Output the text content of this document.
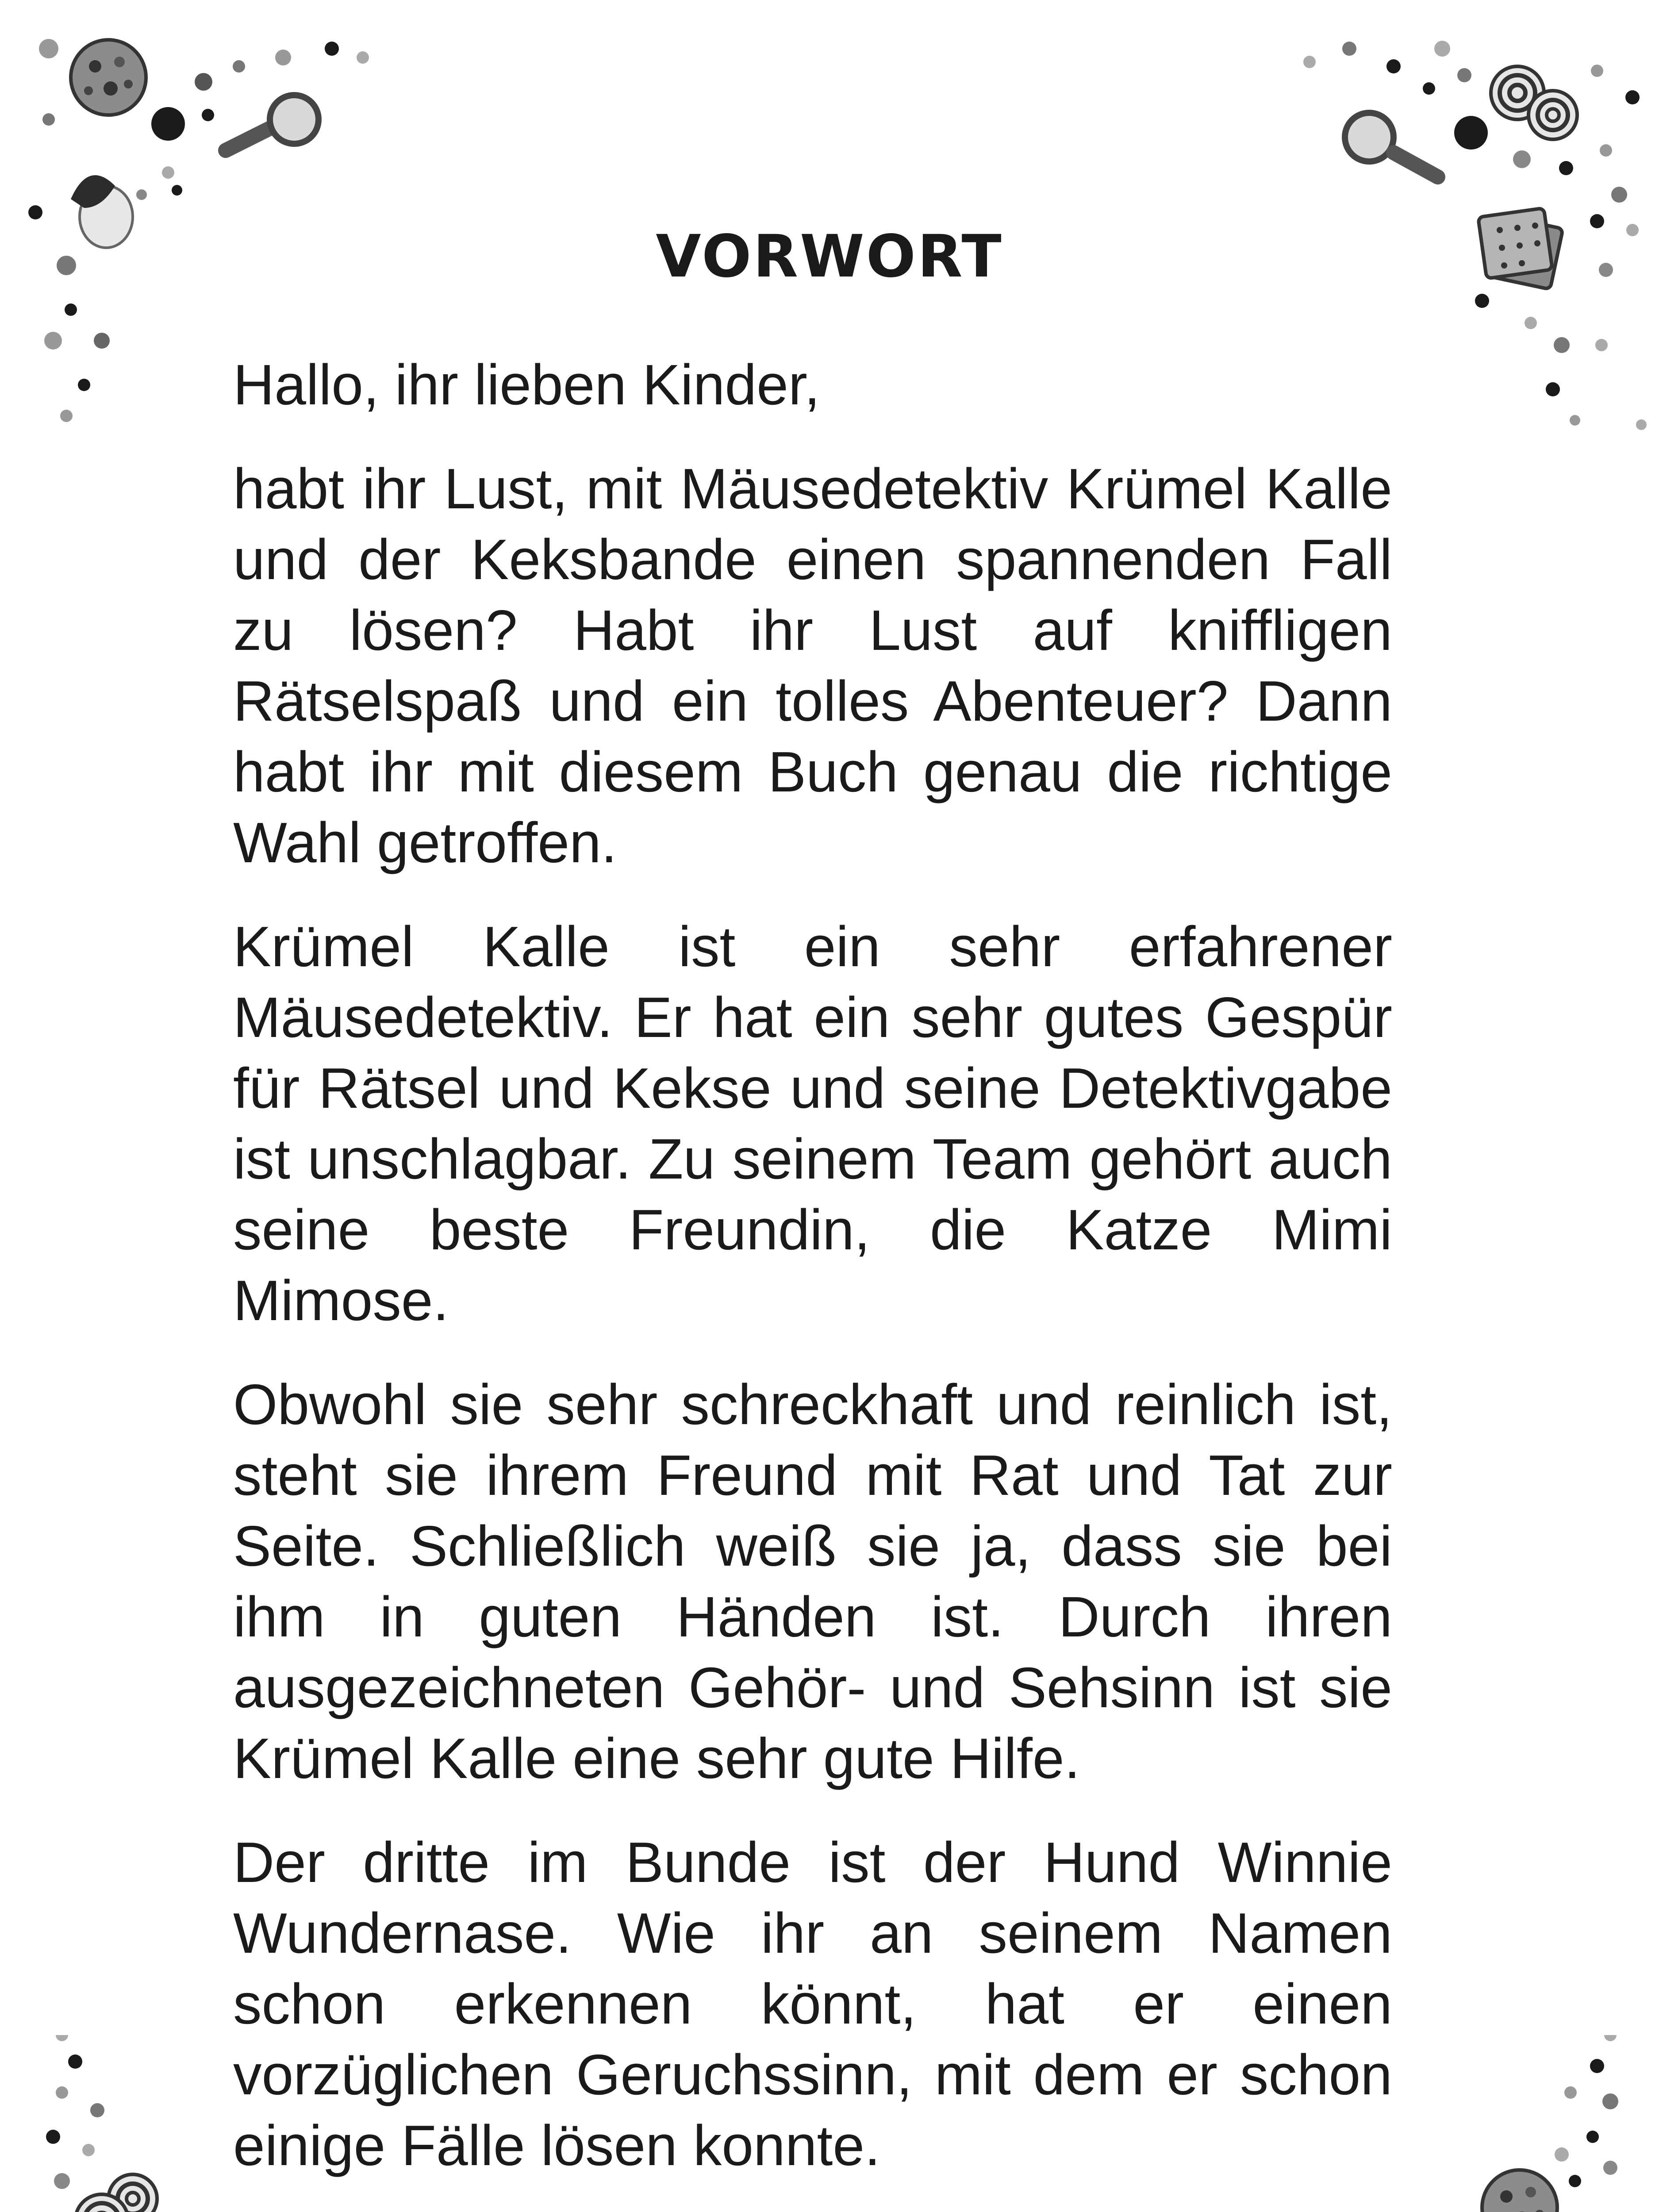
VORWORT

Hallo, ihr lieben Kinder,

habt ihr Lust, mit Mäusedetektiv Krümel Kalle und der Keksbande einen spannenden Fall zu lösen? Habt ihr Lust auf kniffligen Rätselspaß und ein tolles Abenteuer? Dann habt ihr mit diesem Buch genau die richtige Wahl getroffen.

Krümel Kalle ist ein sehr erfahrener Mäusedetektiv. Er hat ein sehr gutes Gespür für Rätsel und Kekse und seine Detektivgabe ist unschlagbar. Zu seinem Team gehört auch seine beste Freundin, die Katze Mimi Mimose.

Obwohl sie sehr schreckhaft und reinlich ist, steht sie ihrem Freund mit Rat und Tat zur Seite. Schließlich weiß sie ja, dass sie bei ihm in guten Händen ist. Durch ihren ausgezeichneten Gehör- und Sehsinn ist sie Krümel Kalle eine sehr gute Hilfe.

Der dritte im Bunde ist der Hund Winnie Wundernase. Wie ihr an seinem Namen schon erkennen könnt, hat er einen vorzüglichen Geruchssinn, mit dem er schon einige Fälle lösen konnte.
